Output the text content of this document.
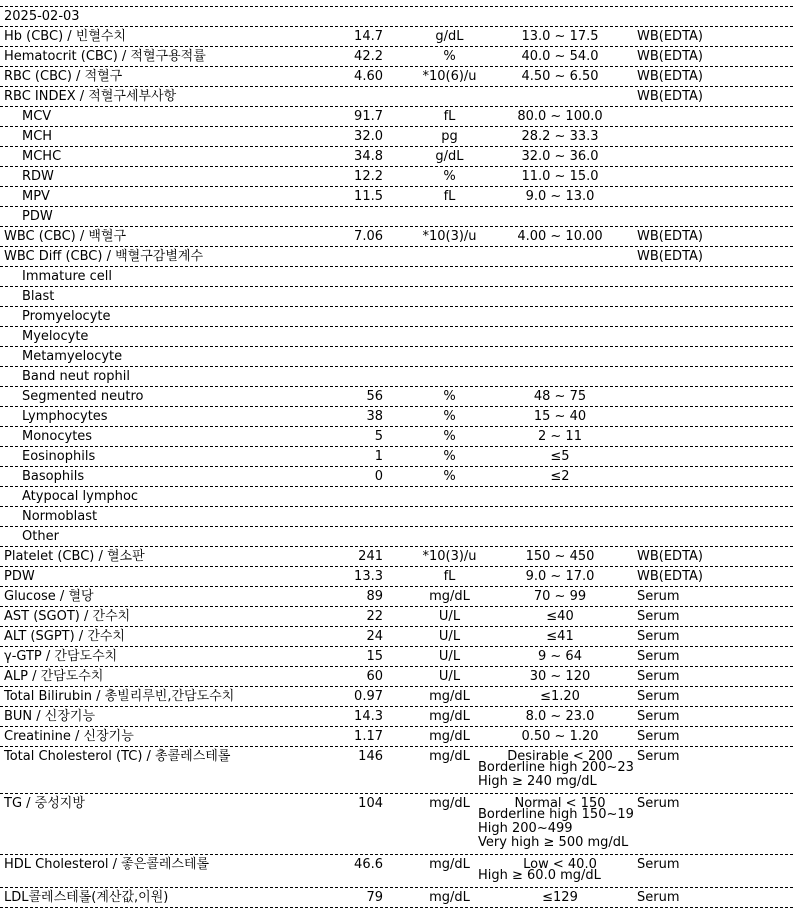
2025-02-03
Hb (CBC) / 빈혈수치	14.7	g/dL	13.0 ~ 17.5	WB(EDTA)
Hematocrit (CBC) / 적혈구용적률	42.2	%	40.0 ~ 54.0	WB(EDTA)
RBC (CBC) / 적혈구	4.60	*10(6)/u	4.50 ~ 6.50	WB(EDTA)
RBC INDEX / 적혈구세부사항	WB(EDTA)
MCV	91.7	fL	80.0 ~ 100.0
MCH	32.0	pg	28.2 ~ 33.3
MCHC	34.8	g/dL	32.0 ~ 36.0
RDW	12.2	%	11.0 ~ 15.0
MPV	11.5	fL	9.0 ~ 13.0
PDW
WBC (CBC) / 백혈구	7.06	*10(3)/u	4.00 ~ 10.00	WB(EDTA)
WBC Diff (CBC) / 백혈구감별계수	WB(EDTA)
Immature cell
Blast
Promyelocyte
Myelocyte
Metamyelocyte
Band neut rophil
Segmented neutro	56	%	48 ~ 75
Lymphocytes	38	%	15 ~ 40
Monocytes	5	%	2 ~ 11
Eosinophils	1	%	≤5
Basophils	0	%	≤2
Atypocal lymphoc
Normoblast
Other
Platelet (CBC) / 혈소판	241	*10(3)/u	150 ~ 450	WB(EDTA)
PDW	13.3	fL	9.0 ~ 17.0	WB(EDTA)
Glucose / 혈당	89	mg/dL	70 ~ 99	Serum
AST (SGOT) / 간수치	22	U/L	≤40	Serum
ALT (SGPT) / 간수치	24	U/L	≤41	Serum
γ-GTP / 간담도수치	15	U/L	9 ~ 64	Serum
ALP / 간담도수치	60	U/L	30 ~ 120	Serum
Total Bilirubin / 총빌리루빈,간담도수치	0.97	mg/dL	≤1.20	Serum
BUN / 신장기능	14.3	mg/dL	8.0 ~ 23.0	Serum
Creatinine / 신장기능	1.17	mg/dL	0.50 ~ 1.20	Serum
Total Cholesterol (TC) / 총콜레스테롤	146	mg/dL	Desirable < 200	Serum
Borderline high 200~23
High ≥ 240 mg/dL
TG / 중성지방	104	mg/dL	Normal < 150	Serum
Borderline high 150~19
High 200~499
Very high ≥ 500 mg/dL
HDL Cholesterol / 좋은콜레스테롤	46.6	mg/dL	Low < 40.0	Serum
High ≥ 60.0 mg/dL
LDL콜레스테롤(계산값,이원)	79	mg/dL	≤129	Serum
